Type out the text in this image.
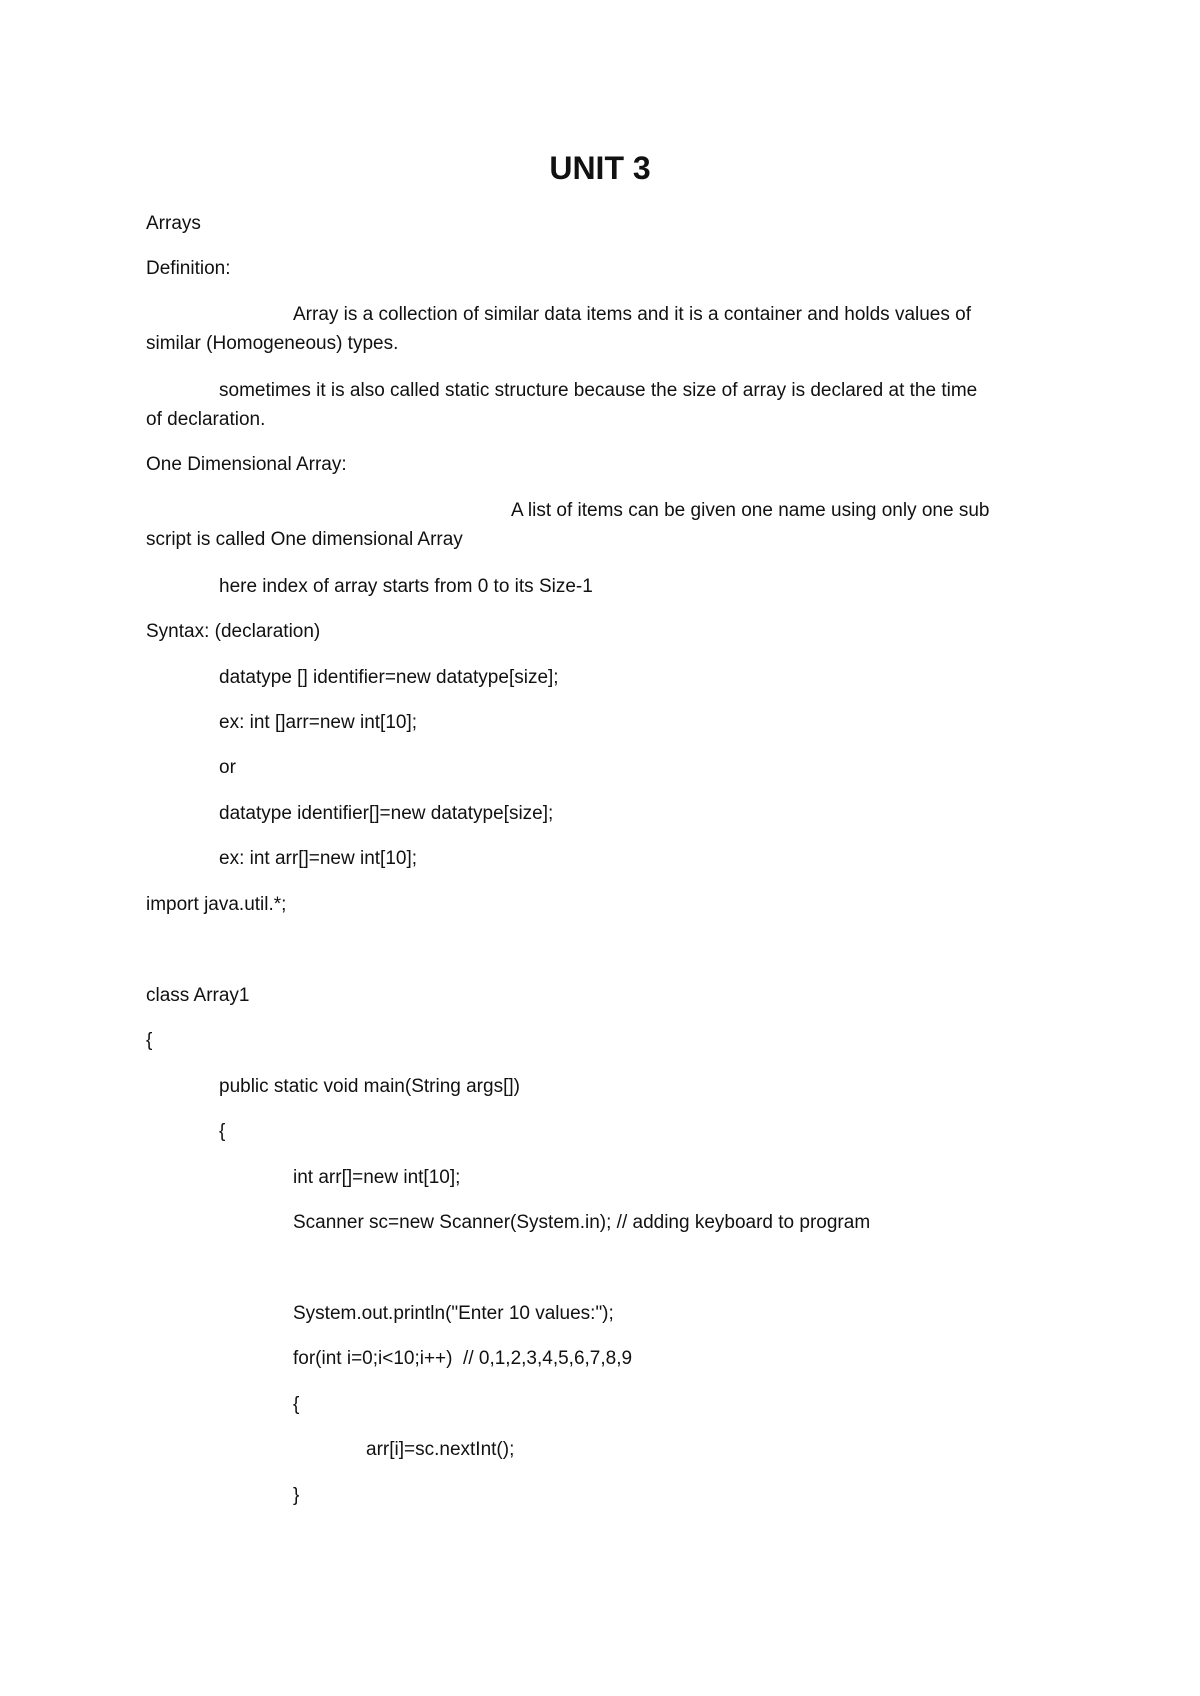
UNIT 3
Arrays
Definition:
Array is a collection of similar data items and it is a container and holds values of
similar (Homogeneous) types.
sometimes it is also called static structure because the size of array is declared at the time
of declaration.
One Dimensional Array:
A list of items can be given one name using only one sub
script is called One dimensional Array
here index of array starts from 0 to its Size-1
Syntax: (declaration)
datatype [] identifier=new datatype[size];
ex: int []arr=new int[10];
or
datatype identifier[]=new datatype[size];
ex: int arr[]=new int[10];
import java.util.*;
class Array1
{
public static void main(String args[])
{
int arr[]=new int[10];
Scanner sc=new Scanner(System.in); // adding keyboard to program
System.out.println("Enter 10 values:");
for(int i=0;i<10;i++)  // 0,1,2,3,4,5,6,7,8,9
{
arr[i]=sc.nextInt();
}
